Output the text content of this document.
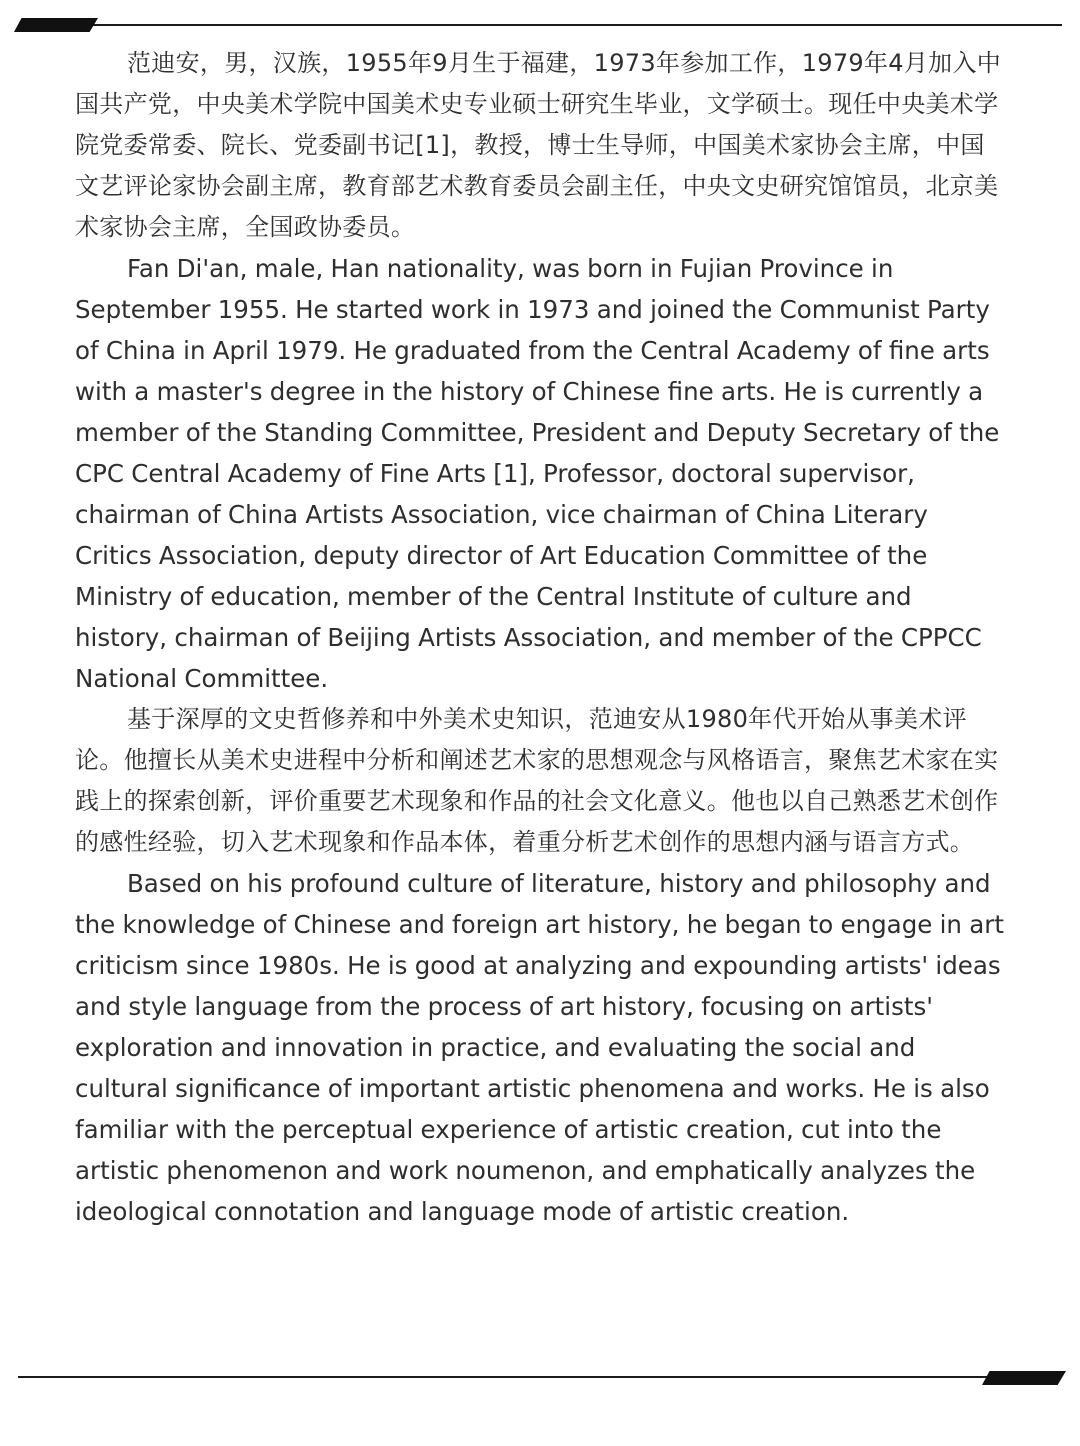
范迪安，男，汉族，1955年9月生于福建，1973年参加工作，1979年4月加入中国共产党，中央美术学院中国美术史专业硕士研究生毕业，文学硕士。现任中央美术学院党委常委、院长、党委副书记[1]，教授，博士生导师，中国美术家协会主席，中国文艺评论家协会副主席，教育部艺术教育委员会副主任，中央文史研究馆馆员，北京美术家协会主席，全国政协委员。

Fan Di'an, male, Han nationality, was born in Fujian Province in September 1955. He started work in 1973 and joined the Communist Party of China in April 1979. He graduated from the Central Academy of fine arts with a master's degree in the history of Chinese fine arts. He is currently a member of the Standing Committee, President and Deputy Secretary of the CPC Central Academy of Fine Arts [1], Professor, doctoral supervisor, chairman of China Artists Association, vice chairman of China Literary Critics Association, deputy director of Art Education Committee of the Ministry of education, member of the Central Institute of culture and history, chairman of Beijing Artists Association, and member of the CPPCC National Committee.

基于深厚的文史哲修养和中外美术史知识，范迪安从1980年代开始从事美术评论。他擅长从美术史进程中分析和阐述艺术家的思想观念与风格语言，聚焦艺术家在实践上的探索创新，评价重要艺术现象和作品的社会文化意义。他也以自己熟悉艺术创作的感性经验，切入艺术现象和作品本体，着重分析艺术创作的思想内涵与语言方式。

Based on his profound culture of literature, history and philosophy and the knowledge of Chinese and foreign art history, he began to engage in art criticism since 1980s. He is good at analyzing and expounding artists' ideas and style language from the process of art history, focusing on artists' exploration and innovation in practice, and evaluating the social and cultural significance of important artistic phenomena and works. He is also familiar with the perceptual experience of artistic creation, cut into the artistic phenomenon and work noumenon, and emphatically analyzes the ideological connotation and language mode of artistic creation.
